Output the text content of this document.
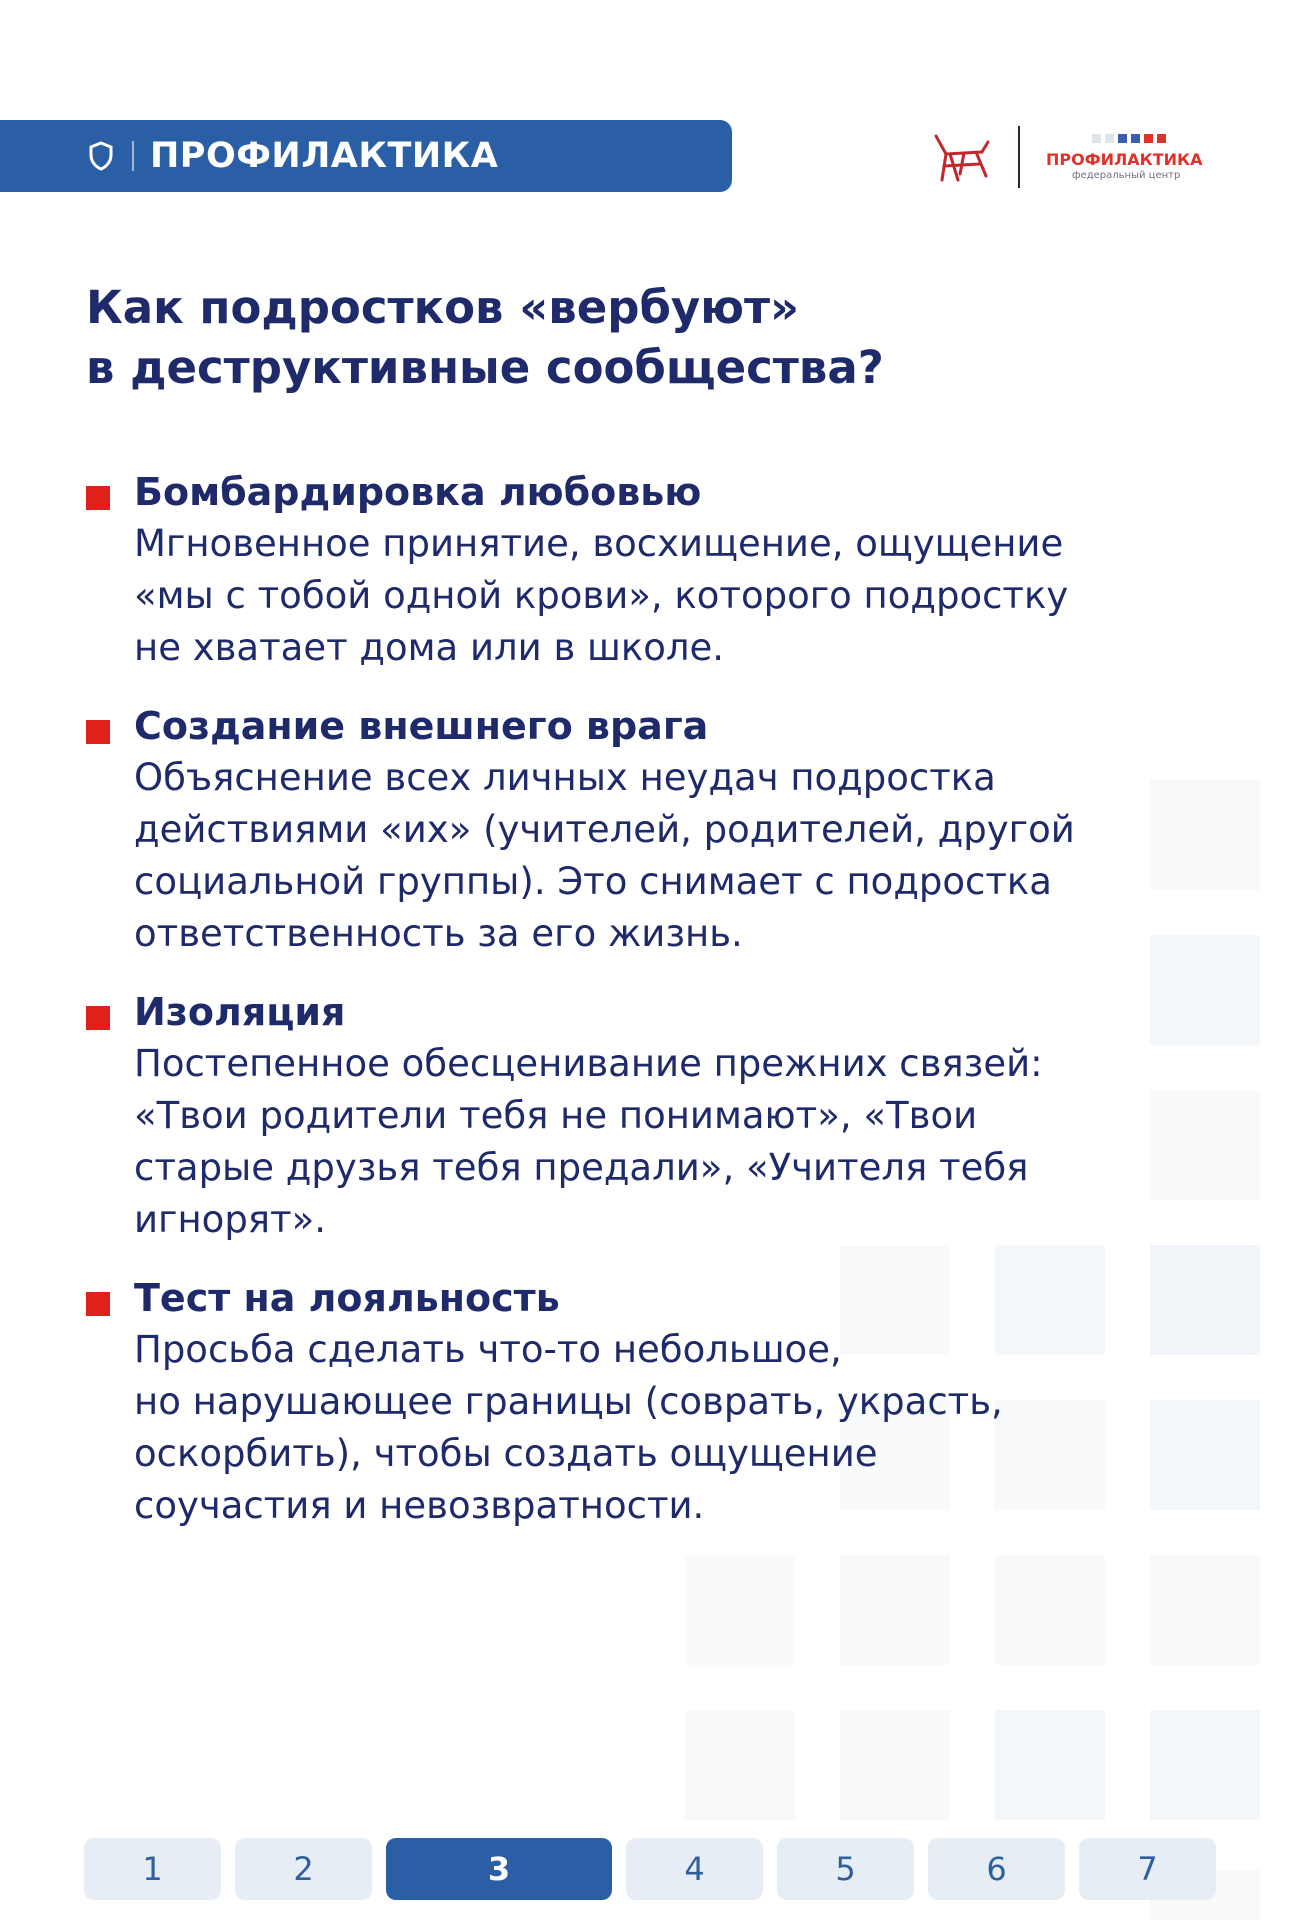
ПРОФИЛАКТИКА	ПРОФИЛАКТИКА
федеральный центр
Как подростков «вербуют»
в деструктивные сообщества?
Бомбардировка любовью
Мгновенное принятие, восхищение, ощущение
«мы с тобой одной крови», которого подростку
не хватает дома или в школе.
Создание внешнего врага
Объяснение всех личных неудач подростка
действиями «их» (учителей, родителей, другой
социальной группы). Это снимает с подростка
ответственность за его жизнь.
Изоляция
Постепенное обесценивание прежних связей:
«Твои родители тебя не понимают», «Твои
старые друзья тебя предали», «Учителя тебя
игнорят».
Тест на лояльность
Просьба сделать что-то небольшое,
но нарушающее границы (соврать, украсть,
оскорбить), чтобы создать ощущение
соучастия и невозвратности.
1	2	3	4	5	6	7
